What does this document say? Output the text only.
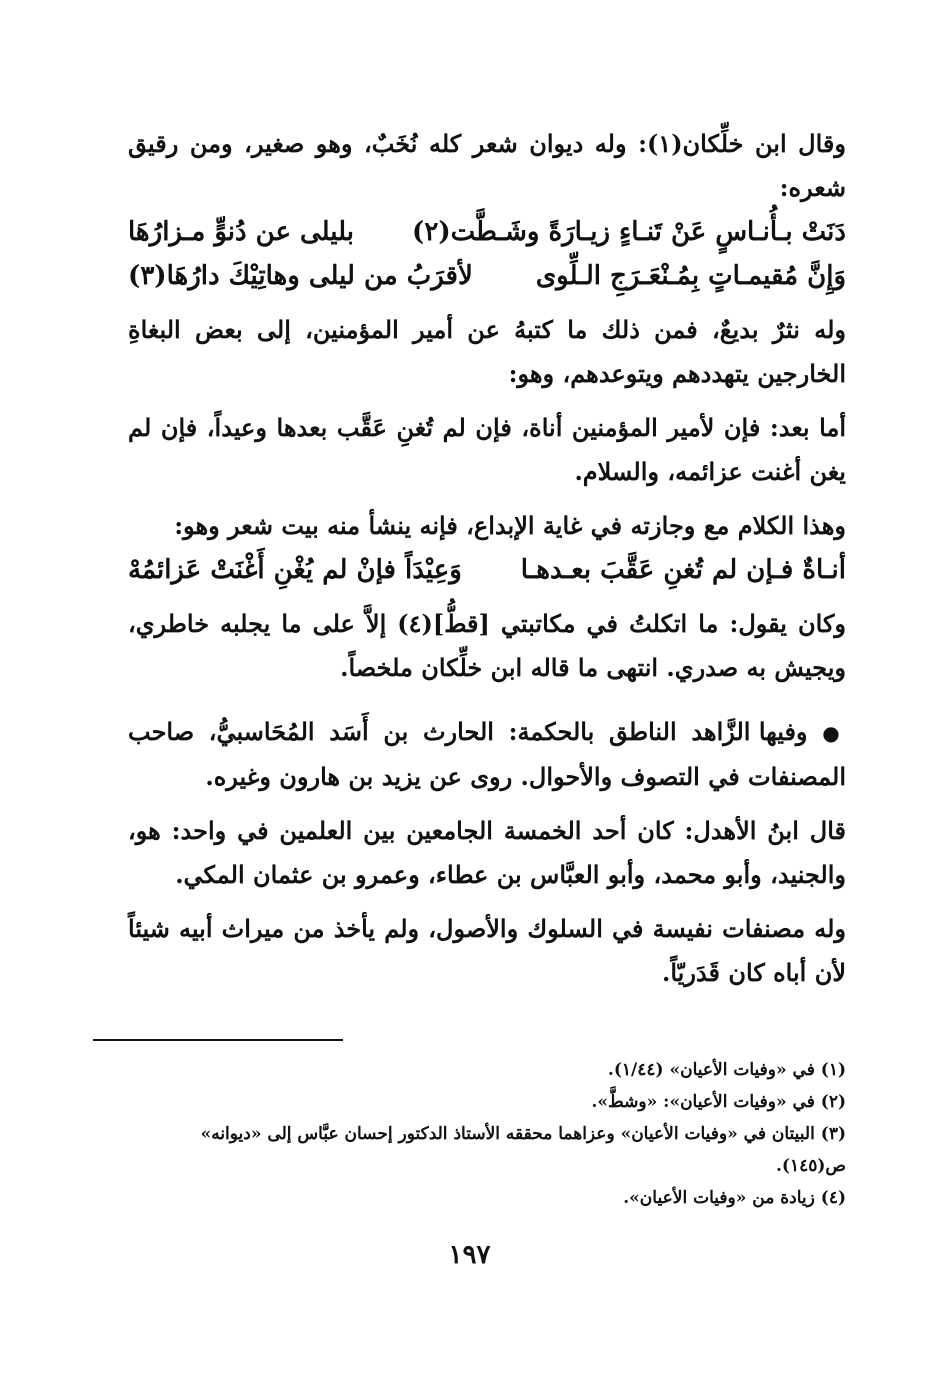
وقال ابن خلِّكان(١): وله ديوان شعر كله نُخَبٌ، وهو صغير، ومن رقيق شعره:

دَنَتْ بـأُنـاسٍ عَنْ تَنـاءٍ زيـارَةً وشَـطَّت(٢)
بليلى عن دُنوٍّ مـزارُهَا
وَإِنَّ مُقيمـاتٍ بِمُـنْعَـرَجِ الـلِّوى
لأقرَبُ من ليلى وهاتِيْكَ دارُهَا(٣)

وله نثرٌ بديعٌ، فمن ذلك ما كتبهُ عن أمير المؤمنين، إلى بعض البغاةِ الخارجين يتهددهم ويتوعدهم، وهو:

أما بعد: فإن لأمير المؤمنين أناة، فإن لم تُغنِ عَقَّب بعدها وعيداً، فإن لم يغن أغنت عزائمه، والسلام.

وهذا الكلام مع وجازته في غاية الإبداع، فإنه ينشأ منه بيت شعر وهو:

أنـاةٌ فـإن لم تُغنِ عَقَّبَ بعـدهـا
وَعِيْدَاً فإنْ لم يُغْنِ أَغْنَتْ عَزائمُهْ

وكان يقول: ما اتكلتُ في مكاتبتي [قطُّ](٤) إلاَّ على ما يجلبه خاطري، ويجيش به صدري. انتهى ما قاله ابن خلِّكان ملخصاً.

● وفيها الزَّاهد الناطق بالحكمة: الحارث بن أَسَد المُحَاسبيُّ، صاحب المصنفات في التصوف والأحوال. روى عن يزيد بن هارون وغيره.

قال ابنُ الأهدل: كان أحد الخمسة الجامعين بين العلمين في واحد: هو، والجنيد، وأبو محمد، وأبو العبَّاس بن عطاء، وعمرو بن عثمان المكي.

وله مصنفات نفيسة في السلوك والأصول، ولم يأخذ من ميراث أبيه شيئاً لأن أباه كان قَدَريّاً.

(١) في «وفيات الأعيان» (١/٤٤).

(٢) في «وفيات الأعيان»: «وشطَّ».

(٣) البيتان في «وفيات الأعيان» وعزاهما محققه الأستاذ الدكتور إحسان عبَّاس إلى «ديوانه» ص(١٤٥).

(٤) زيادة من «وفيات الأعيان».

١٩٧
